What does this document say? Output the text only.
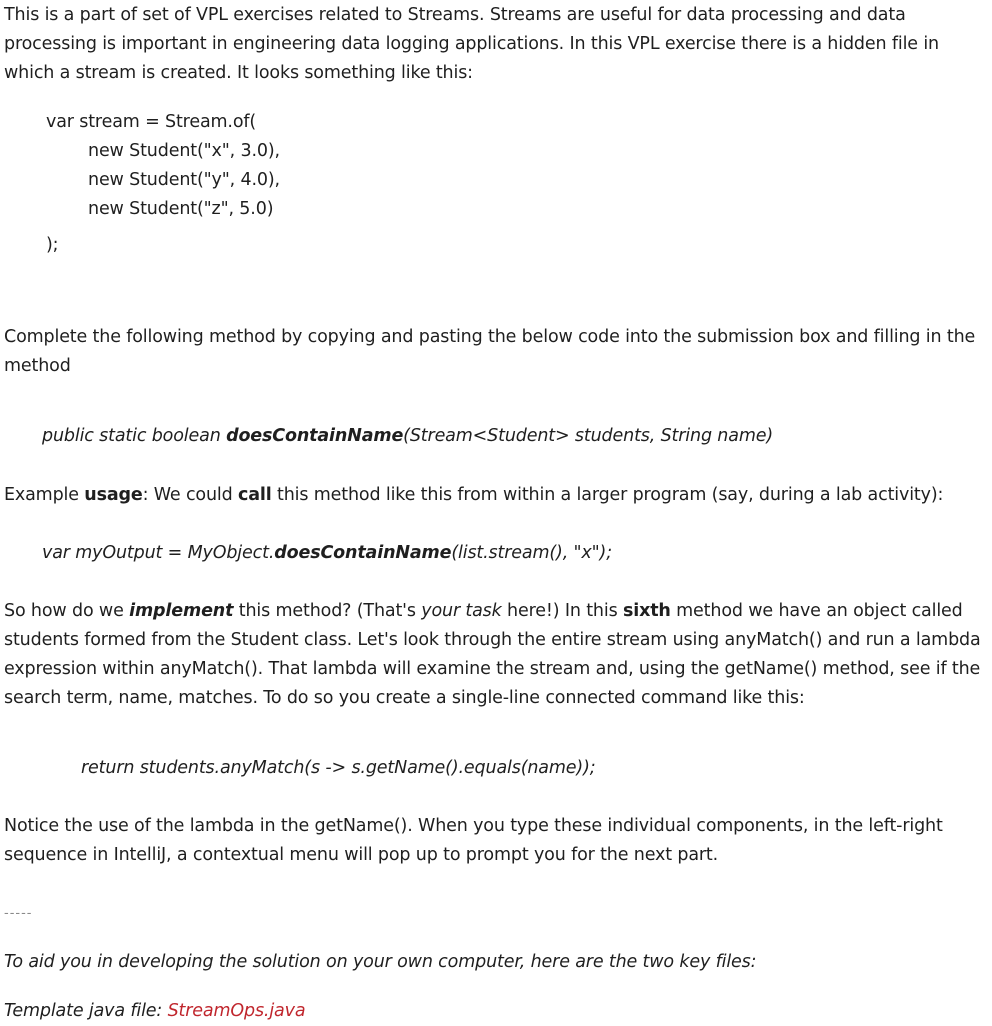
This is a part of set of VPL exercises related to Streams. Streams are useful for data processing and data
processing is important in engineering data logging applications. In this VPL exercise there is a hidden file in
which a stream is created. It looks something like this:
var stream = Stream.of(
new Student("x", 3.0),
new Student("y", 4.0),
new Student("z", 5.0)
);
Complete the following method by copying and pasting the below code into the submission box and filling in the
method
public static boolean doesContainName(Stream<Student> students, String name)
Example usage: We could call this method like this from within a larger program (say, during a lab activity):
var myOutput = MyObject.doesContainName(list.stream(), "x");
So how do we implement this method? (That's your task here!) In this sixth method we have an object called
students formed from the Student class. Let's look through the entire stream using anyMatch() and run a lambda
expression within anyMatch(). That lambda will examine the stream and, using the getName() method, see if the
search term, name, matches. To do so you create a single-line connected command like this:
return students.anyMatch(s -> s.getName().equals(name));
Notice the use of the lambda in the getName(). When you type these individual components, in the left-right
sequence in IntelliJ, a contextual menu will pop up to prompt you for the next part.
-----
To aid you in developing the solution on your own computer, here are the two key files:
Template java file: StreamOps.java
